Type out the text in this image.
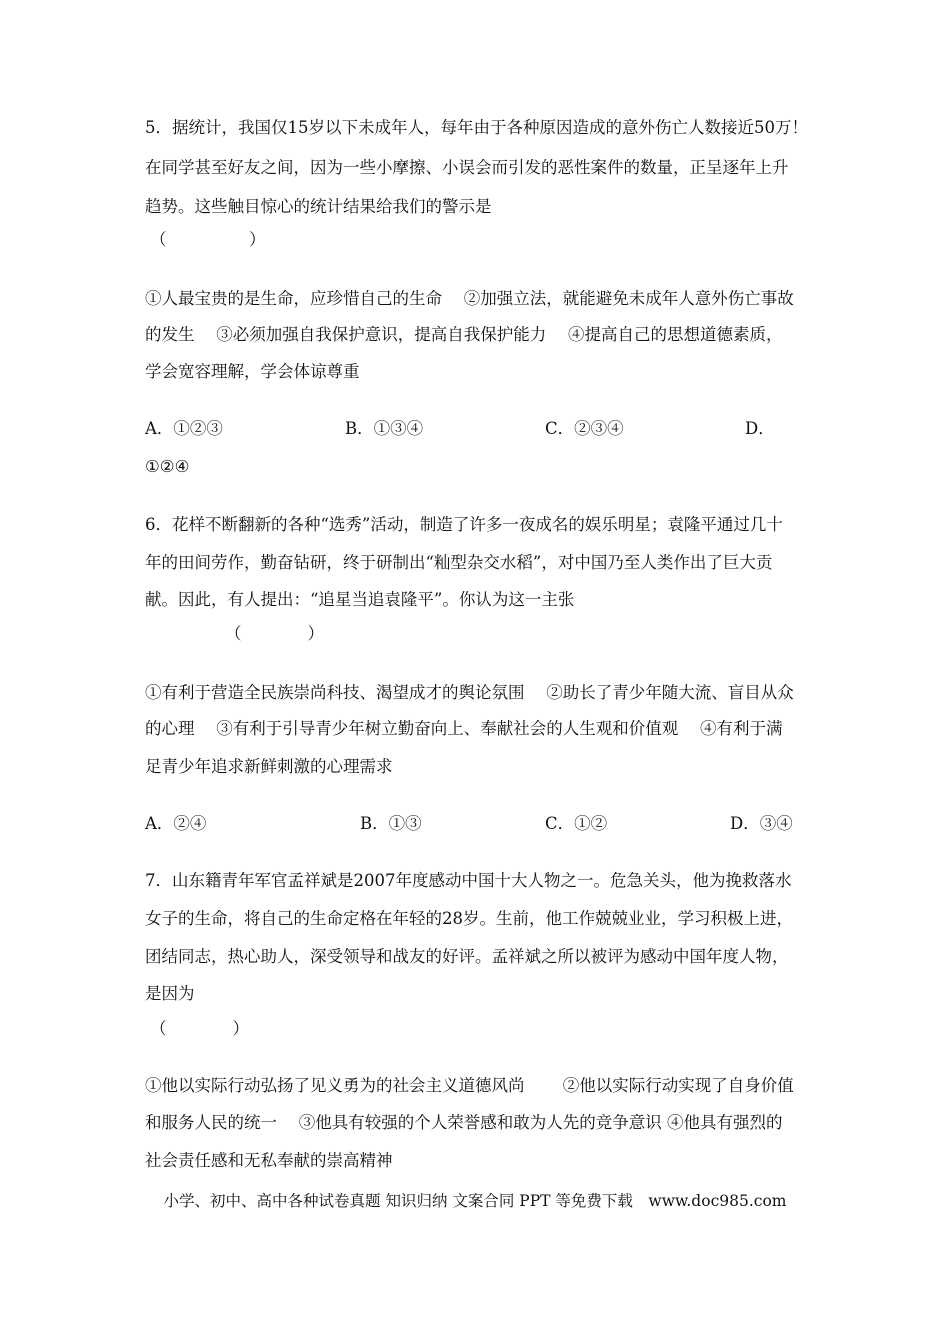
5．据统计，我国仅15岁以下未成年人，每年由于各种原因造成的意外伤亡人数接近50万！
在同学甚至好友之间，因为一些小摩擦、小误会而引发的恶性案件的数量，正呈逐年上升
趋势。这些触目惊心的统计结果给我们的警示是
（　　　　　）
①人最宝贵的是生命，应珍惜自己的生命　 ②加强立法，就能避免未成年人意外伤亡事故
的发生　 ③必须加强自我保护意识，提高自我保护能力　 ④提高自己的思想道德素质，
学会宽容理解，学会体谅尊重
A．①②③	B．①③④	C．②③④	D．
①②④
6．花样不断翻新的各种“选秀”活动，制造了许多一夜成名的娱乐明星；袁隆平通过几十
年的田间劳作，勤奋钻研，终于研制出“籼型杂交水稻”，对中国乃至人类作出了巨大贡
献。因此，有人提出：“追星当追袁隆平”。你认为这一主张
（　　　　）
①有利于营造全民族崇尚科技、渴望成才的舆论氛围　 ②助长了青少年随大流、盲目从众
的心理　 ③有利于引导青少年树立勤奋向上、奉献社会的人生观和价值观　 ④有利于满
足青少年追求新鲜刺激的心理需求
A．②④	B．①③	C．①②	D．③④
7．山东籍青年军官孟祥斌是2007年度感动中国十大人物之一。危急关头，他为挽救落水
女子的生命，将自己的生命定格在年轻的28岁。生前，他工作兢兢业业，学习积极上进，
团结同志，热心助人，深受领导和战友的好评。孟祥斌之所以被评为感动中国年度人物，
是因为
（　　　　）
①他以实际行动弘扬了见义勇为的社会主义道德风尚　　 ②他以实际行动实现了自身价值
和服务人民的统一　 ③他具有较强的个人荣誉感和敢为人先的竞争意识 ④他具有强烈的
社会责任感和无私奉献的崇高精神
小学、初中、高中各种试卷真题 知识归纳 文案合同 PPT 等免费下载　www.doc985.com
